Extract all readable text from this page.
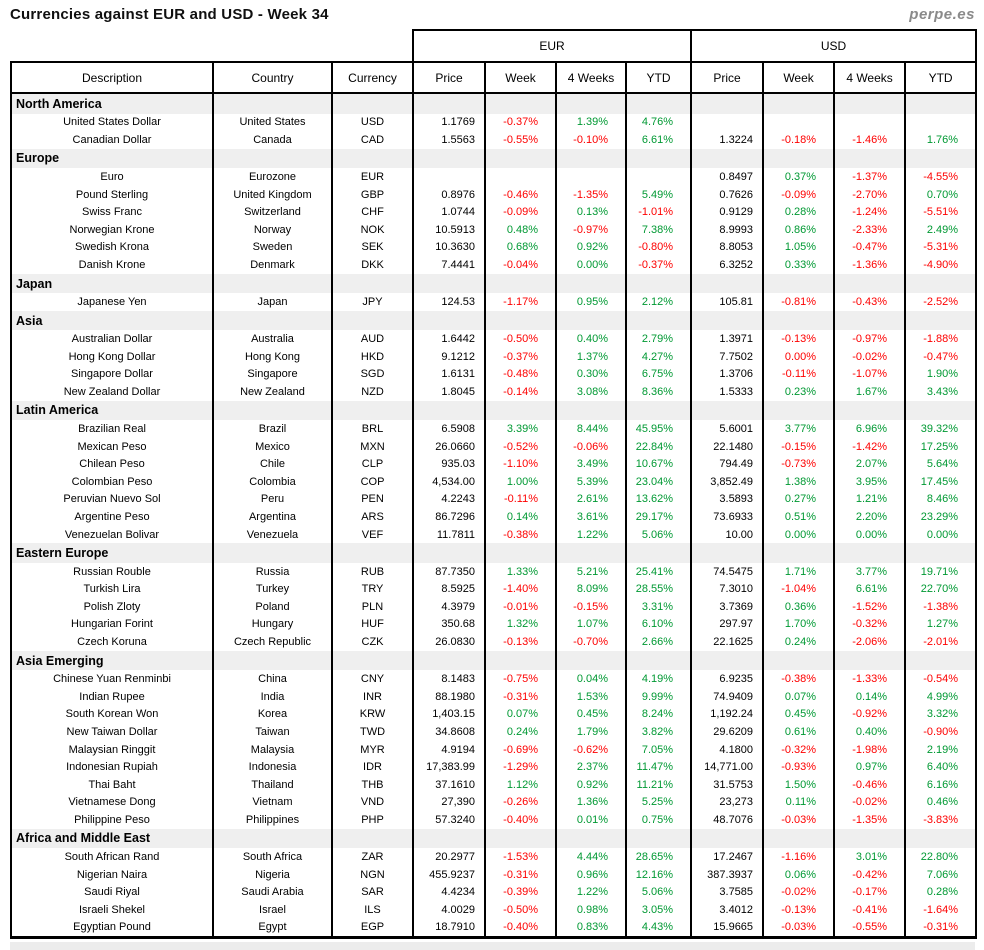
Currencies against EUR and USD - Week 34	perpe.es
			EUR				USD			
Description	Country	Currency	Price	Week	4 Weeks	YTD	Price	Week	4 Weeks	YTD
North America										
United States Dollar	United States	USD	1.1769	-0.37%	1.39%	4.76%				
Canadian Dollar	Canada	CAD	1.5563	-0.55%	-0.10%	6.61%	1.3224	-0.18%	-1.46%	1.76%
Europe										
Euro	Eurozone	EUR					0.8497	0.37%	-1.37%	-4.55%
Pound Sterling	United Kingdom	GBP	0.8976	-0.46%	-1.35%	5.49%	0.7626	-0.09%	-2.70%	0.70%
Swiss Franc	Switzerland	CHF	1.0744	-0.09%	0.13%	-1.01%	0.9129	0.28%	-1.24%	-5.51%
Norwegian Krone	Norway	NOK	10.5913	0.48%	-0.97%	7.38%	8.9993	0.86%	-2.33%	2.49%
Swedish Krona	Sweden	SEK	10.3630	0.68%	0.92%	-0.80%	8.8053	1.05%	-0.47%	-5.31%
Danish Krone	Denmark	DKK	7.4441	-0.04%	0.00%	-0.37%	6.3252	0.33%	-1.36%	-4.90%
Japan										
Japanese Yen	Japan	JPY	124.53	-1.17%	0.95%	2.12%	105.81	-0.81%	-0.43%	-2.52%
Asia										
Australian Dollar	Australia	AUD	1.6442	-0.50%	0.40%	2.79%	1.3971	-0.13%	-0.97%	-1.88%
Hong Kong Dollar	Hong Kong	HKD	9.1212	-0.37%	1.37%	4.27%	7.7502	0.00%	-0.02%	-0.47%
Singapore Dollar	Singapore	SGD	1.6131	-0.48%	0.30%	6.75%	1.3706	-0.11%	-1.07%	1.90%
New Zealand Dollar	New Zealand	NZD	1.8045	-0.14%	3.08%	8.36%	1.5333	0.23%	1.67%	3.43%
Latin America										
Brazilian Real	Brazil	BRL	6.5908	3.39%	8.44%	45.95%	5.6001	3.77%	6.96%	39.32%
Mexican Peso	Mexico	MXN	26.0660	-0.52%	-0.06%	22.84%	22.1480	-0.15%	-1.42%	17.25%
Chilean Peso	Chile	CLP	935.03	-1.10%	3.49%	10.67%	794.49	-0.73%	2.07%	5.64%
Colombian Peso	Colombia	COP	4,534.00	1.00%	5.39%	23.04%	3,852.49	1.38%	3.95%	17.45%
Peruvian Nuevo Sol	Peru	PEN	4.2243	-0.11%	2.61%	13.62%	3.5893	0.27%	1.21%	8.46%
Argentine Peso	Argentina	ARS	86.7296	0.14%	3.61%	29.17%	73.6933	0.51%	2.20%	23.29%
Venezuelan Bolivar	Venezuela	VEF	11.7811	-0.38%	1.22%	5.06%	10.00	0.00%	0.00%	0.00%
Eastern Europe										
Russian Rouble	Russia	RUB	87.7350	1.33%	5.21%	25.41%	74.5475	1.71%	3.77%	19.71%
Turkish Lira	Turkey	TRY	8.5925	-1.40%	8.09%	28.55%	7.3010	-1.04%	6.61%	22.70%
Polish Zloty	Poland	PLN	4.3979	-0.01%	-0.15%	3.31%	3.7369	0.36%	-1.52%	-1.38%
Hungarian Forint	Hungary	HUF	350.68	1.32%	1.07%	6.10%	297.97	1.70%	-0.32%	1.27%
Czech Koruna	Czech Republic	CZK	26.0830	-0.13%	-0.70%	2.66%	22.1625	0.24%	-2.06%	-2.01%
Asia Emerging										
Chinese Yuan Renminbi	China	CNY	8.1483	-0.75%	0.04%	4.19%	6.9235	-0.38%	-1.33%	-0.54%
Indian Rupee	India	INR	88.1980	-0.31%	1.53%	9.99%	74.9409	0.07%	0.14%	4.99%
South Korean Won	Korea	KRW	1,403.15	0.07%	0.45%	8.24%	1,192.24	0.45%	-0.92%	3.32%
New Taiwan Dollar	Taiwan	TWD	34.8608	0.24%	1.79%	3.82%	29.6209	0.61%	0.40%	-0.90%
Malaysian Ringgit	Malaysia	MYR	4.9194	-0.69%	-0.62%	7.05%	4.1800	-0.32%	-1.98%	2.19%
Indonesian Rupiah	Indonesia	IDR	17,383.99	-1.29%	2.37%	11.47%	14,771.00	-0.93%	0.97%	6.40%
Thai Baht	Thailand	THB	37.1610	1.12%	0.92%	11.21%	31.5753	1.50%	-0.46%	6.16%
Vietnamese Dong	Vietnam	VND	27,390	-0.26%	1.36%	5.25%	23,273	0.11%	-0.02%	0.46%
Philippine Peso	Philippines	PHP	57.3240	-0.40%	0.01%	0.75%	48.7076	-0.03%	-1.35%	-3.83%
Africa and Middle East										
South African Rand	South Africa	ZAR	20.2977	-1.53%	4.44%	28.65%	17.2467	-1.16%	3.01%	22.80%
Nigerian Naira	Nigeria	NGN	455.9237	-0.31%	0.96%	12.16%	387.3937	0.06%	-0.42%	7.06%
Saudi Riyal	Saudi Arabia	SAR	4.4234	-0.39%	1.22%	5.06%	3.7585	-0.02%	-0.17%	0.28%
Israeli Shekel	Israel	ILS	4.0029	-0.50%	0.98%	3.05%	3.4012	-0.13%	-0.41%	-1.64%
Egyptian Pound	Egypt	EGP	18.7910	-0.40%	0.83%	4.43%	15.9665	-0.03%	-0.55%	-0.31%
